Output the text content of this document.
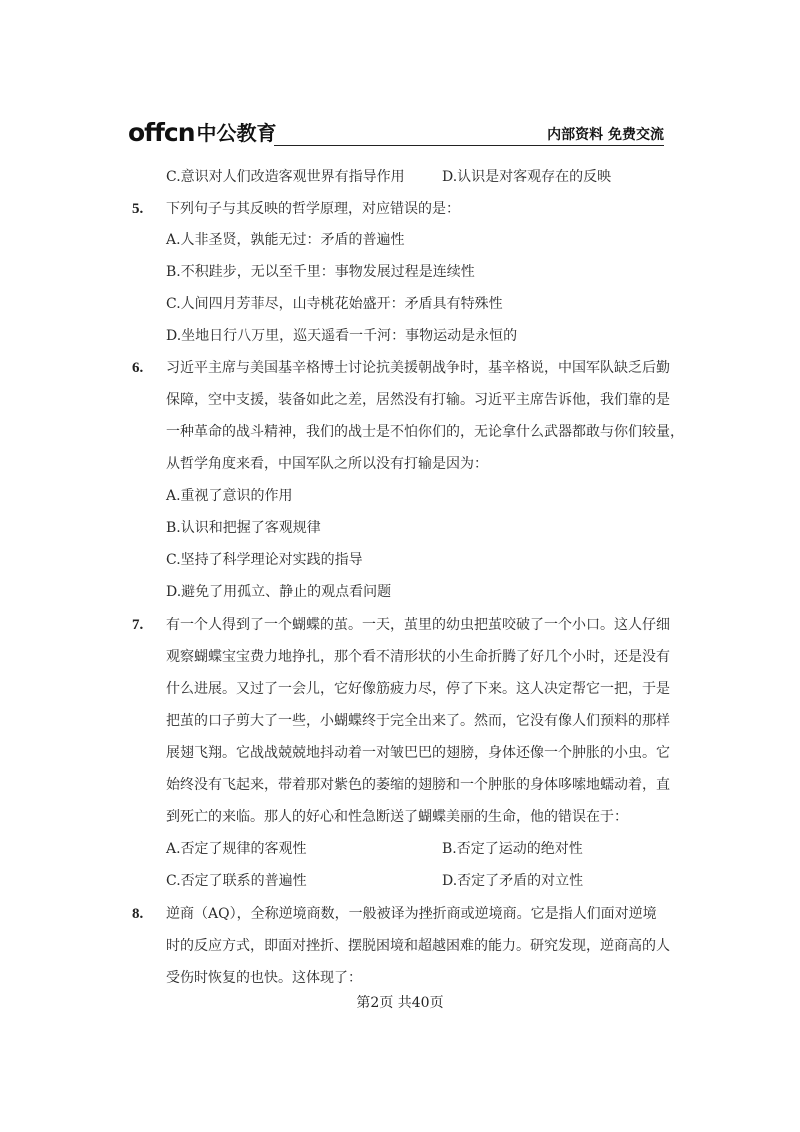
offcn 中公教育	内部资料 免费交流
C.意识对人们改造客观世界有指导作用	D.认识是对客观存在的反映
5. 下列句子与其反映的哲学原理，对应错误的是：
A.人非圣贤，孰能无过：矛盾的普遍性
B.不积跬步，无以至千里：事物发展过程是连续性
C.人间四月芳菲尽，山寺桃花始盛开：矛盾具有特殊性
D.坐地日行八万里，巡天遥看一千河：事物运动是永恒的
6. 习近平主席与美国基辛格博士讨论抗美援朝战争时，基辛格说，中国军队缺乏后勤
保障，空中支援，装备如此之差，居然没有打输。习近平主席告诉他，我们靠的是
一种革命的战斗精神，我们的战士是不怕你们的，无论拿什么武器都敢与你们较量，
从哲学角度来看，中国军队之所以没有打输是因为：
A.重视了意识的作用
B.认识和把握了客观规律
C.坚持了科学理论对实践的指导
D.避免了用孤立、静止的观点看问题
7. 有一个人得到了一个蝴蝶的茧。一天，茧里的幼虫把茧咬破了一个小口。这人仔细
观察蝴蝶宝宝费力地挣扎，那个看不清形状的小生命折腾了好几个小时，还是没有
什么进展。又过了一会儿，它好像筋疲力尽，停了下来。这人决定帮它一把，于是
把茧的口子剪大了一些，小蝴蝶终于完全出来了。然而，它没有像人们预料的那样
展翅飞翔。它战战兢兢地抖动着一对皱巴巴的翅膀，身体还像一个肿胀的小虫。它
始终没有飞起来，带着那对紫色的萎缩的翅膀和一个肿胀的身体哆嗦地蠕动着，直
到死亡的来临。那人的好心和性急断送了蝴蝶美丽的生命，他的错误在于：
A.否定了规律的客观性	B.否定了运动的绝对性
C.否定了联系的普遍性	D.否定了矛盾的对立性
8. 逆商（AQ），全称逆境商数，一般被译为挫折商或逆境商。它是指人们面对逆境
时的反应方式，即面对挫折、摆脱困境和超越困难的能力。研究发现，逆商高的人
受伤时恢复的也快。这体现了：
第2页 共40页
